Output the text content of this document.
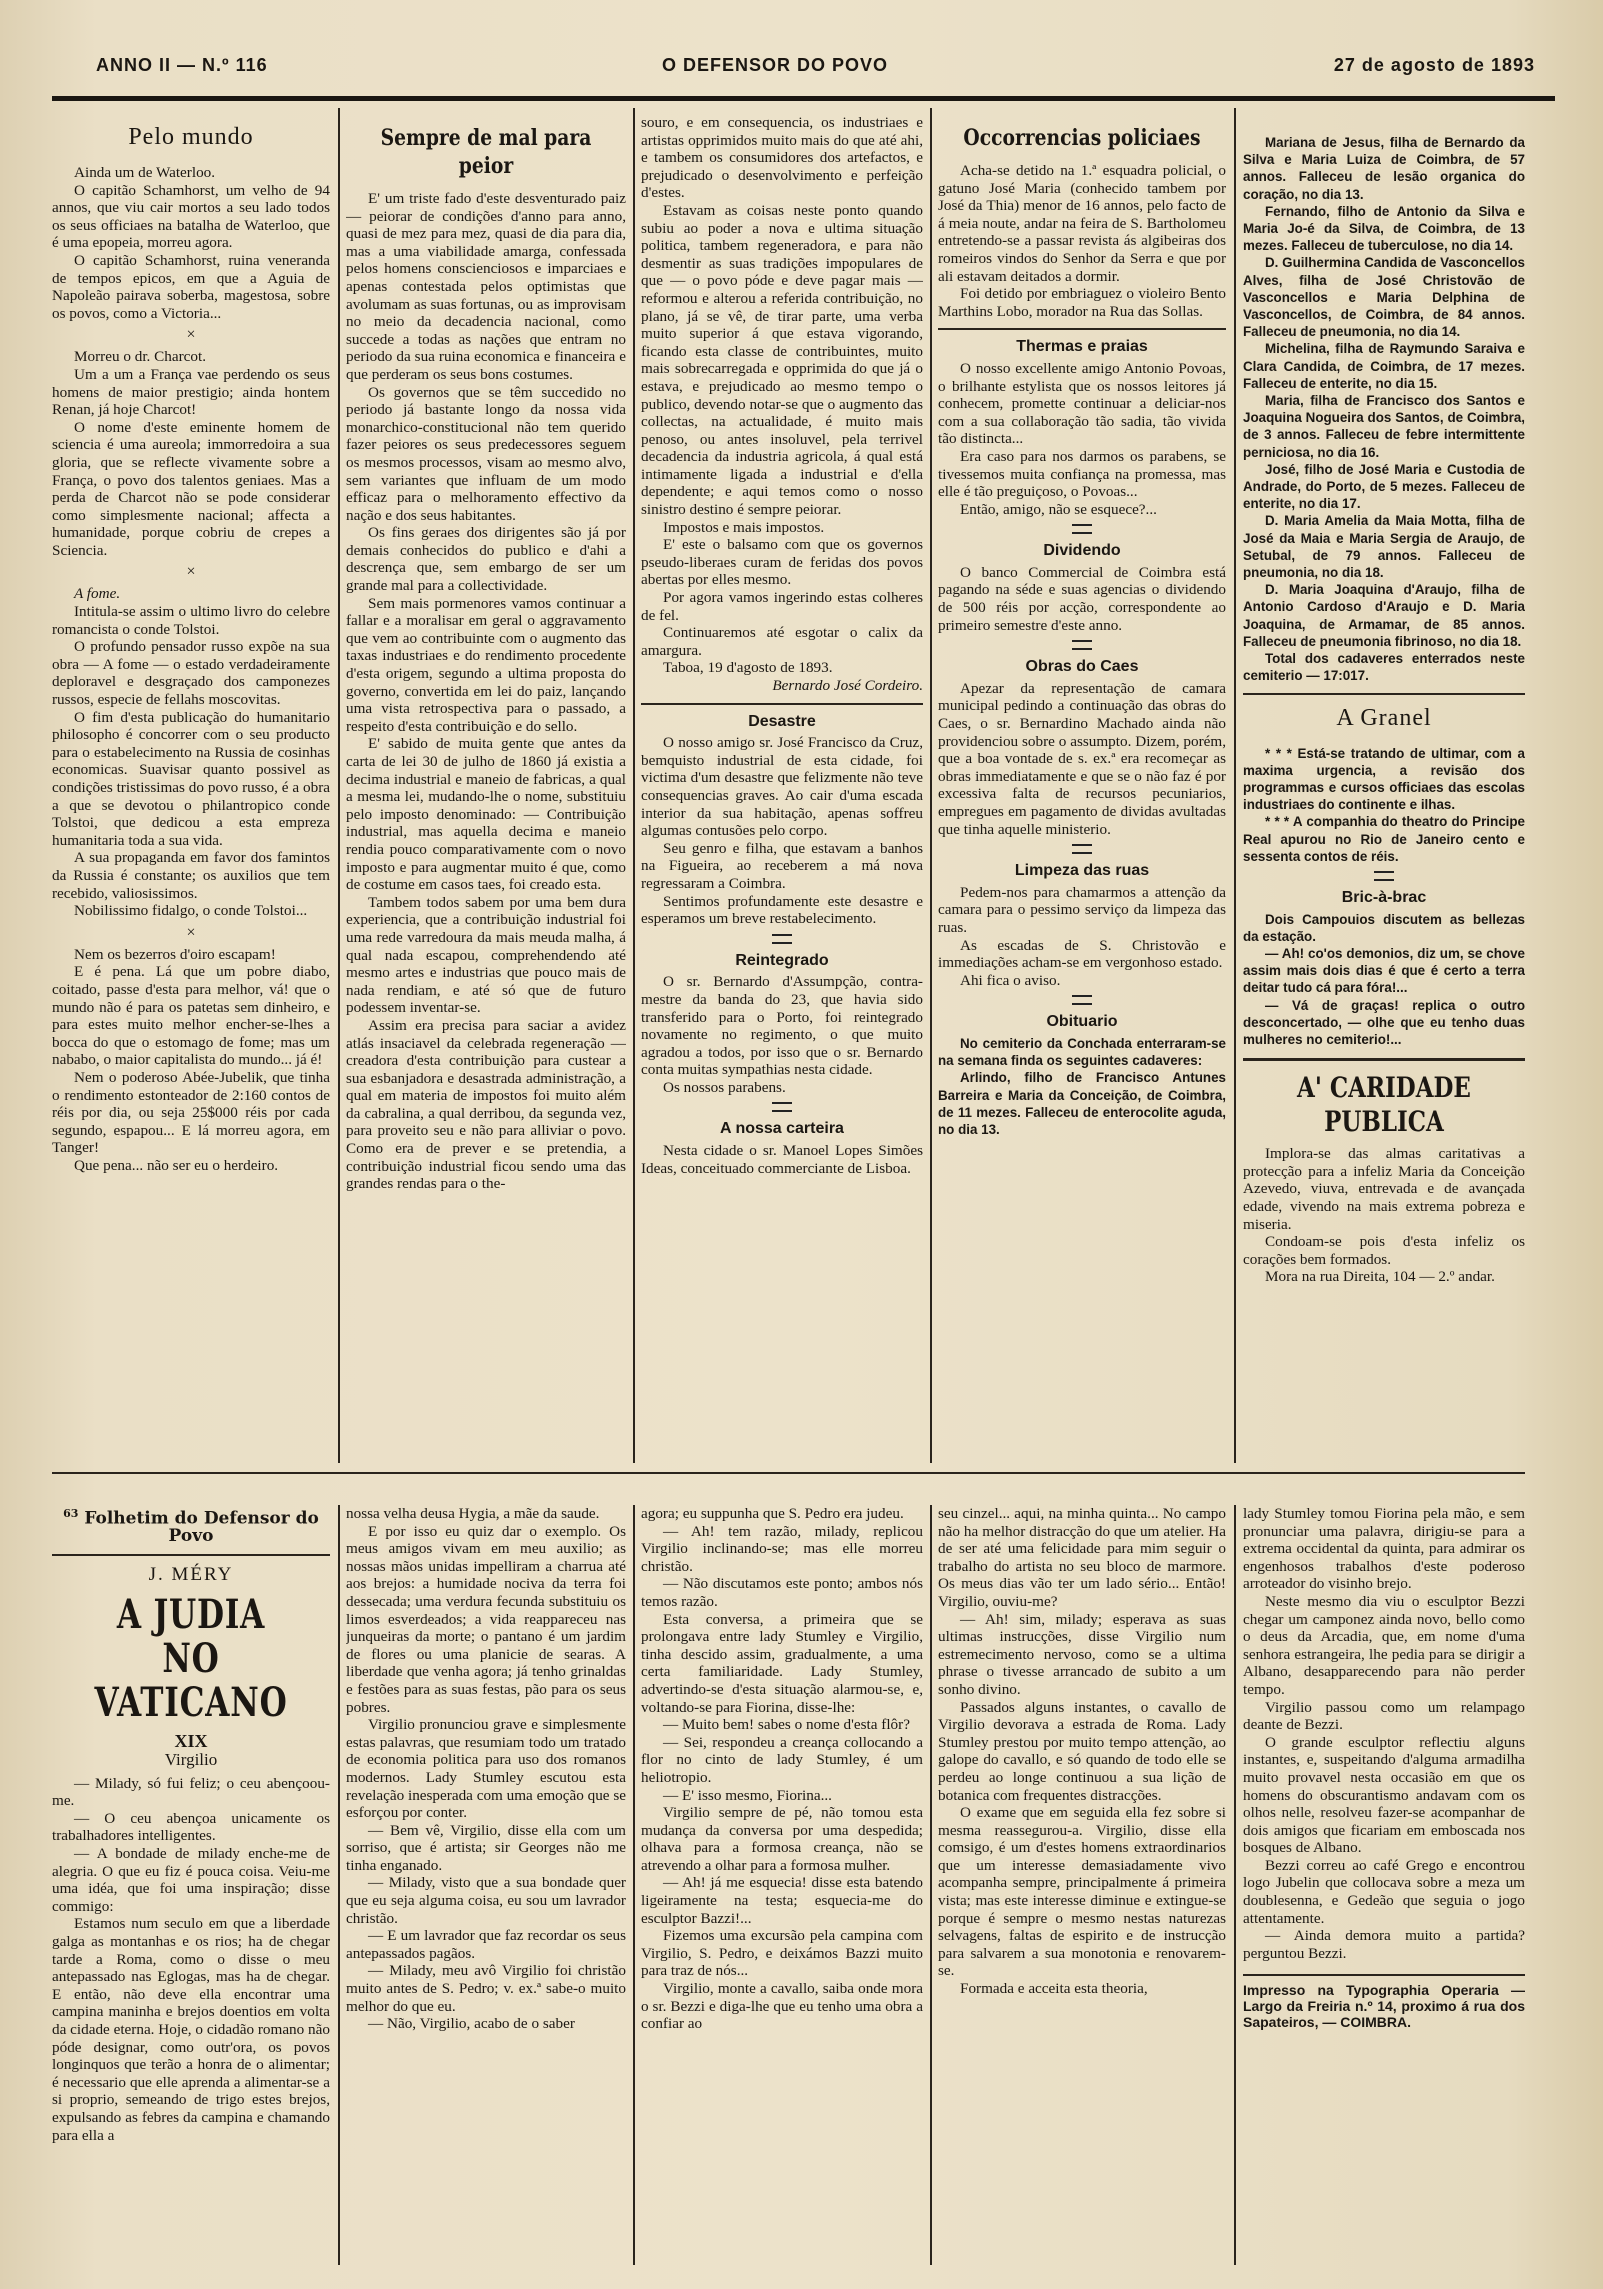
ANNO II — N.º 116	O DEFENSOR DO POVO	27 de agosto de 1893
Pelo mundo

Ainda um de Waterloo.

O capitão Schamhorst, um velho de 94 annos, que viu cair mortos a seu lado todos os seus officiaes na batalha de Waterloo, que é uma epopeia, morreu agora.

O capitão Schamhorst, ruina veneranda de tempos epicos, em que a Aguia de Napoleão pairava soberba, magestosa, sobre os povos, como a Victoria...

×

Morreu o dr. Charcot.

Um a um a França vae perdendo os seus homens de maior prestigio; ainda hontem Renan, já hoje Charcot!

O nome d'este eminente homem de sciencia é uma aureola; immorredoira a sua gloria, que se reflecte vivamente sobre a França, o povo dos talentos geniaes. Mas a perda de Charcot não se pode considerar como simplesmente nacional; affecta a humanidade, porque cobriu de crepes a Sciencia.

×

A fome.

Intitula-se assim o ultimo livro do celebre romancista o conde Tolstoi.

O profundo pensador russo expõe na sua obra — A fome — o estado verdadeiramente deploravel e desgraçado dos camponezes russos, especie de fellahs moscovitas.

O fim d'esta publicação do humanitario philosopho é concorrer com o seu producto para o estabelecimento na Russia de cosinhas economicas. Suavisar quanto possivel as condições tristissimas do povo russo, é a obra a que se devotou o philantropico conde Tolstoi, que dedicou a esta empreza humanitaria toda a sua vida.

A sua propaganda em favor dos famintos da Russia é constante; os auxilios que tem recebido, valiosissimos.

Nobilissimo fidalgo, o conde Tolstoi...

×

Nem os bezerros d'oiro escapam!

E é pena. Lá que um pobre diabo, coitado, passe d'esta para melhor, vá! que o mundo não é para os patetas sem dinheiro, e para estes muito melhor encher-se-lhes a bocca do que o estomago de fome; mas um nababo, o maior capitalista do mundo... já é!

Nem o poderoso Abée-Jubelik, que tinha o rendimento estonteador de 2:160 contos de réis por dia, ou seja 25$000 réis por cada segundo, espapou... E lá morreu agora, em Tanger!

Que pena... não ser eu o herdeiro.

Sempre de mal para peior

E' um triste fado d'este desventurado paiz — peiorar de condições d'anno para anno, quasi de mez para mez, quasi de dia para dia, mas a uma viabilidade amarga, confessada pelos homens conscienciosos e imparciaes e apenas contestada pelos optimistas que avolumam as suas fortunas, ou as improvisam no meio da decadencia nacional, como succede a todas as nações que entram no periodo da sua ruina economica e financeira e que perderam os seus bons costumes.

Os governos que se têm succedido no periodo já bastante longo da nossa vida monarchico-constitucional não tem querido fazer peiores os seus predecessores seguem os mesmos processos, visam ao mesmo alvo, sem variantes que influam de um modo efficaz para o melhoramento effectivo da nação e dos seus habitantes.

Os fins geraes dos dirigentes são já por demais conhecidos do publico e d'ahi a descrença que, sem embargo de ser um grande mal para a collectividade.

Sem mais pormenores vamos continuar a fallar e a moralisar em geral o aggravamento que vem ao contribuinte com o augmento das taxas industriaes e do rendimento procedente d'esta origem, segundo a ultima proposta do governo, convertida em lei do paiz, lançando uma vista retrospectiva para o passado, a respeito d'esta contribuição e do sello.

E' sabido de muita gente que antes da carta de lei 30 de julho de 1860 já existia a decima industrial e maneio de fabricas, a qual a mesma lei, mudando-lhe o nome, substituiu pelo imposto denominado: — Contribuição industrial, mas aquella decima e maneio rendia pouco comparativamente com o novo imposto e para augmentar muito é que, como de costume em casos taes, foi creado esta.

Tambem todos sabem por uma bem dura experiencia, que a contribuição industrial foi uma rede varredoura da mais meuda malha, á qual nada escapou, comprehendendo até mesmo artes e industrias que pouco mais de nada rendiam, e até só que de futuro podessem inventar-se.

Assim era precisa para saciar a avidez atlás insaciavel da celebrada regeneração — creadora d'esta contribuição para custear a sua esbanjadora e desastrada administração, a qual em materia de impostos foi muito além da cabralina, a qual derribou, da segunda vez, para proveito seu e não para alliviar o povo. Como era de prever e se pretendia, a contribuição industrial ficou sendo uma das grandes rendas para o the-

souro, e em consequencia, os industriaes e artistas opprimidos muito mais do que até ahi, e tambem os consumidores dos artefactos, e prejudicado o desenvolvimento e perfeição d'estes.

Estavam as coisas neste ponto quando subiu ao poder a nova e ultima situação politica, tambem regeneradora, e para não desmentir as suas tradições impopulares de que — o povo póde e deve pagar mais — reformou e alterou a referida contribuição, no plano, já se vê, de tirar parte, uma verba muito superior á que estava vigorando, ficando esta classe de contribuintes, muito mais sobrecarregada e opprimida do que já o estava, e prejudicado ao mesmo tempo o publico, devendo notar-se que o augmento das collectas, na actualidade, é muito mais penoso, ou antes insoluvel, pela terrivel decadencia da industria agricola, á qual está intimamente ligada a industrial e d'ella dependente; e aqui temos como o nosso sinistro destino é sempre peiorar.

Impostos e mais impostos.

E' este o balsamo com que os governos pseudo-liberaes curam de feridas dos povos abertas por elles mesmo.

Por agora vamos ingerindo estas colheres de fel.

Continuaremos até esgotar o calix da amargura.

Taboa, 19 d'agosto de 1893.

Bernardo José Cordeiro.
Desastre

O nosso amigo sr. José Francisco da Cruz, bemquisto industrial de esta cidade, foi victima d'um desastre que felizmente não teve consequencias graves. Ao cair d'uma escada interior da sua habitação, apenas soffreu algumas contusões pelo corpo.

Seu genro e filha, que estavam a banhos na Figueira, ao receberem a má nova regressaram a Coimbra.

Sentimos profundamente este desastre e esperamos um breve restabelecimento.

Reintegrado

O sr. Bernardo d'Assumpção, contra-mestre da banda do 23, que havia sido transferido para o Porto, foi reintegrado novamente no regimento, o que muito agradou a todos, por isso que o sr. Bernardo conta muitas sympathias nesta cidade.

Os nossos parabens.

A nossa carteira

Nesta cidade o sr. Manoel Lopes Simões Ideas, conceituado commerciante de Lisboa.

Occorrencias policiaes

Acha-se detido na 1.ª esquadra policial, o gatuno José Maria (conhecido tambem por José da Thia) menor de 16 annos, pelo facto de á meia noute, andar na feira de S. Bartholomeu entretendo-se a passar revista ás algibeiras dos romeiros vindos do Senhor da Serra e que por ali estavam deitados a dormir.

Foi detido por embriaguez o violeiro Bento Marthins Lobo, morador na Rua das Sollas.

Thermas e praias

O nosso excellente amigo Antonio Povoas, o brilhante estylista que os nossos leitores já conhecem, promette continuar a deliciar-nos com a sua collaboração tão sadia, tão vivida tão distincta...

Era caso para nos darmos os parabens, se tivessemos muita confiança na promessa, mas elle é tão preguiçoso, o Povoas...

Então, amigo, não se esquece?...

Dividendo

O banco Commercial de Coimbra está pagando na séde e suas agencias o dividendo de 500 réis por acção, correspondente ao primeiro semestre d'este anno.

Obras do Caes

Apezar da representação de camara municipal pedindo a continuação das obras do Caes, o sr. Bernardino Machado ainda não providenciou sobre o assumpto. Dizem, porém, que a boa vontade de s. ex.ª era recomeçar as obras immediatamente e que se o não faz é por excessiva falta de recursos pecuniarios, empregues em pagamento de dividas avultadas que tinha aquelle ministerio.

Limpeza das ruas

Pedem-nos para chamarmos a attenção da camara para o pessimo serviço da limpeza das ruas.

As escadas de S. Christovão e immediações acham-se em vergonhoso estado.

Ahi fica o aviso.

Obituario

No cemiterio da Conchada enterraram-se na semana finda os seguintes cadaveres:

Arlindo, filho de Francisco Antunes Barreira e Maria da Conceição, de Coimbra, de 11 mezes. Falleceu de enterocolite aguda, no dia 13.

Mariana de Jesus, filha de Bernardo da Silva e Maria Luiza de Coimbra, de 57 annos. Falleceu de lesão organica do coração, no dia 13.

Fernando, filho de Antonio da Silva e Maria Jo-é da Silva, de Coimbra, de 13 mezes. Falleceu de tuberculose, no dia 14.

D. Guilhermina Candida de Vasconcellos Alves, filha de José Christovão de Vasconcellos e Maria Delphina de Vasconcellos, de Coimbra, de 84 annos. Falleceu de pneumonia, no dia 14.

Michelina, filha de Raymundo Saraiva e Clara Candida, de Coimbra, de 17 mezes. Falleceu de enterite, no dia 15.

Maria, filha de Francisco dos Santos e Joaquina Nogueira dos Santos, de Coimbra, de 3 annos. Falleceu de febre intermittente perniciosa, no dia 16.

José, filho de José Maria e Custodia de Andrade, do Porto, de 5 mezes. Falleceu de enterite, no dia 17.

D. Maria Amelia da Maia Motta, filha de José da Maia e Maria Sergia de Araujo, de Setubal, de 79 annos. Falleceu de pneumonia, no dia 18.

D. Maria Joaquina d'Araujo, filha de Antonio Cardoso d'Araujo e D. Maria Joaquina, de Armamar, de 85 annos. Falleceu de pneumonia fibrinoso, no dia 18.

Total dos cadaveres enterrados neste cemiterio — 17:017.

A Granel

* * * Está-se tratando de ultimar, com a maxima urgencia, a revisão dos programmas e cursos officiaes das escolas industriaes do continente e ilhas.

* * * A companhia do theatro do Principe Real apurou no Rio de Janeiro cento e sessenta contos de réis.

Bric-à-brac

Dois Campouios discutem as bellezas da estação.

— Ah! co'os demonios, diz um, se chove assim mais dois dias é que é certo a terra deitar tudo cá para fóra!...

— Vá de graças! replica o outro desconcertado, — olhe que eu tenho duas mulheres no cemiterio!...

A' CARIDADE PUBLICA

Implora-se das almas caritativas a protecção para a infeliz Maria da Conceição Azevedo, viuva, entrevada e de avançada edade, vivendo na mais extrema pobreza e miseria.

Condoam-se pois d'esta infeliz os corações bem formados.

Mora na rua Direita, 104 — 2.º andar.

$^{63}$ Folhetim do Defensor do Povo
J. MÉRY
A JUDIA NO VATICANO
XIX
Virgilio

— Milady, só fui feliz; o ceu abençoou-me.

— O ceu abençoa unicamente os trabalhadores intelligentes.

— A bondade de milady enche-me de alegria. O que eu fiz é pouca coisa. Veiu-me uma idéa, que foi uma inspiração; disse commigo:

Estamos num seculo em que a liberdade galga as montanhas e os rios; ha de chegar tarde a Roma, como o disse o meu antepassado nas Eglogas, mas ha de chegar. E então, não deve ella encontrar uma campina maninha e brejos doentios em volta da cidade eterna. Hoje, o cidadão romano não póde designar, como outr'ora, os povos longinquos que terão a honra de o alimentar; é necessario que elle aprenda a alimentar-se a si proprio, semeando de trigo estes brejos, expulsando as febres da campina e chamando para ella a

nossa velha deusa Hygia, a mãe da saude.

E por isso eu quiz dar o exemplo. Os meus amigos vivam em meu auxilio; as nossas mãos unidas impelliram a charrua até aos brejos: a humidade nociva da terra foi dessecada; uma verdura fecunda substituiu os limos esverdeados; a vida reappareceu nas junqueiras da morte; o pantano é um jardim de flores ou uma planicie de searas. A liberdade que venha agora; já tenho grinaldas e festões para as suas festas, pão para os seus pobres.

Virgilio pronunciou grave e simplesmente estas palavras, que resumiam todo um tratado de economia politica para uso dos romanos modernos. Lady Stumley escutou esta revelação inesperada com uma emoção que se esforçou por conter.

— Bem vê, Virgilio, disse ella com um sorriso, que é artista; sir Georges não me tinha enganado.

— Milady, visto que a sua bondade quer que eu seja alguma coisa, eu sou um lavrador christão.

— E um lavrador que faz recordar os seus antepassados pagãos.

— Milady, meu avô Virgilio foi christão muito antes de S. Pedro; v. ex.ª sabe-o muito melhor do que eu.

— Não, Virgilio, acabo de o saber

agora; eu suppunha que S. Pedro era judeu.

— Ah! tem razão, milady, replicou Virgilio inclinando-se; mas elle morreu christão.

— Não discutamos este ponto; ambos nós temos razão.

Esta conversa, a primeira que se prolongava entre lady Stumley e Virgilio, tinha descido assim, gradualmente, a uma certa familiaridade. Lady Stumley, advertindo-se d'esta situação alarmou-se, e, voltando-se para Fiorina, disse-lhe:

— Muito bem! sabes o nome d'esta flôr?

— Sei, respondeu a creança collocando a flor no cinto de lady Stumley, é um heliotropio.

— E' isso mesmo, Fiorina...

Virgilio sempre de pé, não tomou esta mudança da conversa por uma despedida; olhava para a formosa creança, não se atrevendo a olhar para a formosa mulher.

— Ah! já me esquecia! disse esta batendo ligeiramente na testa; esquecia-me do esculptor Bazzi!...

Fizemos uma excursão pela campina com Virgilio, S. Pedro, e deixámos Bazzi muito para traz de nós...

Virgilio, monte a cavallo, saiba onde mora o sr. Bezzi e diga-lhe que eu tenho uma obra a confiar ao

seu cinzel... aqui, na minha quinta... No campo não ha melhor distracção do que um atelier. Ha de ser até uma felicidade para mim seguir o trabalho do artista no seu bloco de marmore. Os meus dias vão ter um lado sério... Então! Virgilio, ouviu-me?

— Ah! sim, milady; esperava as suas ultimas instrucções, disse Virgilio num estremecimento nervoso, como se a ultima phrase o tivesse arrancado de subito a um sonho divino.

Passados alguns instantes, o cavallo de Virgilio devorava a estrada de Roma. Lady Stumley prestou por muito tempo attenção, ao galope do cavallo, e só quando de todo elle se perdeu ao longe continuou a sua lição de botanica com frequentes distracções.

O exame que em seguida ella fez sobre si mesma reassegurou-a. Virgilio, disse ella comsigo, é um d'estes homens extraordinarios que um interesse demasiadamente vivo acompanha sempre, principalmente á primeira vista; mas este interesse diminue e extingue-se porque é sempre o mesmo nestas naturezas selvagens, faltas de espirito e de instrucção para salvarem a sua monotonia e renovarem-se.

Formada e acceita esta theoria,

lady Stumley tomou Fiorina pela mão, e sem pronunciar uma palavra, dirigiu-se para a extrema occidental da quinta, para admirar os engenhosos trabalhos d'este poderoso arroteador do visinho brejo.

Neste mesmo dia viu o esculptor Bezzi chegar um camponez ainda novo, bello como o deus da Arcadia, que, em nome d'uma senhora estrangeira, lhe pedia para se dirigir a Albano, desapparecendo para não perder tempo.

Virgilio passou como um relampago deante de Bezzi.

O grande esculptor reflectiu alguns instantes, e, suspeitando d'alguma armadilha muito provavel nesta occasião em que os homens do obscurantismo andavam com os olhos nelle, resolveu fazer-se acompanhar de dois amigos que ficariam em emboscada nos bosques de Albano.

Bezzi correu ao café Grego e encontrou logo Jubelin que collocava sobre a meza um doublesenna, e Gedeão que seguia o jogo attentamente.

— Ainda demora muito a partida? perguntou Bezzi.

Impresso na Typographia Operaria — Largo da Freiria n.º 14, proximo á rua dos Sapateiros, — COIMBRA.
